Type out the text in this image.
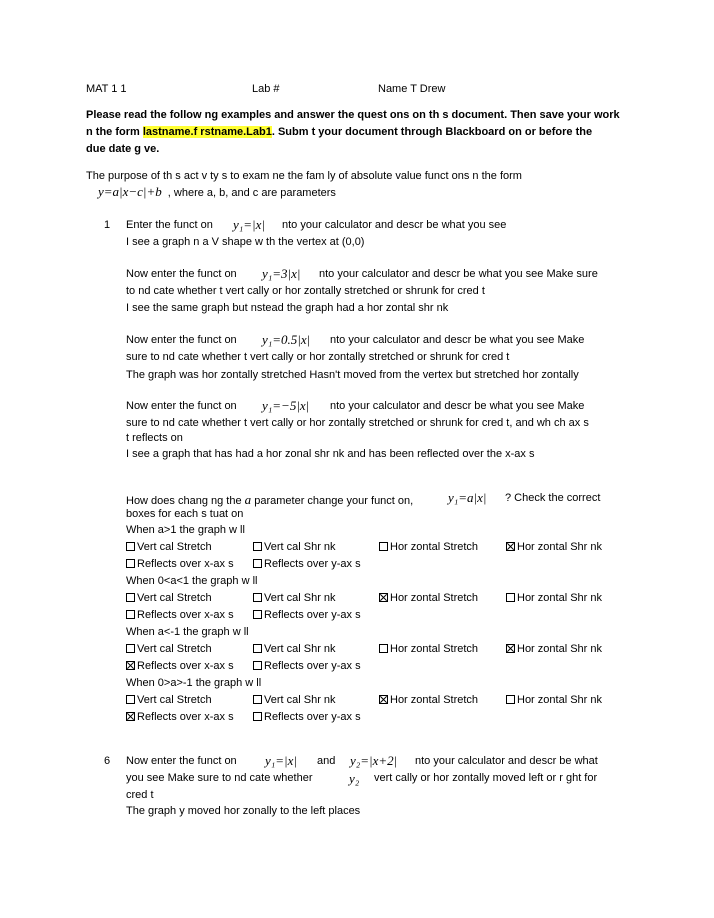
MAT 1 1	Lab #	Name T Drew
Please read the follow ng examples and answer the quest ons on th s document. Then save your work
n the form lastname.f rstname.Lab1. Subm t your document through Blackboard on or before the
due date g ve.
The purpose of th s act v ty s to exam ne the fam ly of absolute value funct ons n the form
y=a|x−c|+b , where a, b, and c are parameters
1 Enter the funct on y₁=|x| nto your calculator and descr be what you see
I see a graph n a V shape w th the vertex at (0,0)
Now enter the funct on y₁=3|x| nto your calculator and descr be what you see Make sure
to nd cate whether t vert cally or hor zontally stretched or shrunk for cred t
I see the same graph but nstead the graph had a hor zontal shr nk
Now enter the funct on y₁=0.5|x| nto your calculator and descr be what you see Make
sure to nd cate whether t vert cally or hor zontally stretched or shrunk for cred t
The graph was hor zontally stretched Hasn't moved from the vertex but stretched hor zontally
Now enter the funct on y₁=−5|x| nto your calculator and descr be what you see Make
sure to nd cate whether t vert cally or hor zontally stretched or shrunk for cred t, and wh ch ax s
t reflects on
I see a graph that has had a hor zonal shr nk and has been reflected over the x-ax s
How does chang ng the a parameter change your funct on,	y₁=a|x| ? Check the correct
boxes for each s tuat on
When a>1 the graph w ll
Vert cal Stretch	Vert cal Shr nk	Hor zontal Stretch	Hor zontal Shr nk
Reflects over x-ax s	Reflects over y-ax s
When 0<a<1 the graph w ll
Vert cal Stretch	Vert cal Shr nk	Hor zontal Stretch	Hor zontal Shr nk
Reflects over x-ax s	Reflects over y-ax s
When a<-1 the graph w ll
Vert cal Stretch	Vert cal Shr nk	Hor zontal Stretch	Hor zontal Shr nk
Reflects over x-ax s	Reflects over y-ax s
When 0>a>-1 the graph w ll
Vert cal Stretch	Vert cal Shr nk	Hor zontal Stretch	Hor zontal Shr nk
Reflects over x-ax s	Reflects over y-ax s
6 Now enter the funct on y₁=|x| and y₂=|x+2| nto your calculator and descr be what
you see Make sure to nd cate whether	y₂ vert cally or hor zontally moved left or r ght for
cred t
The graph y moved hor zonally to the left places
